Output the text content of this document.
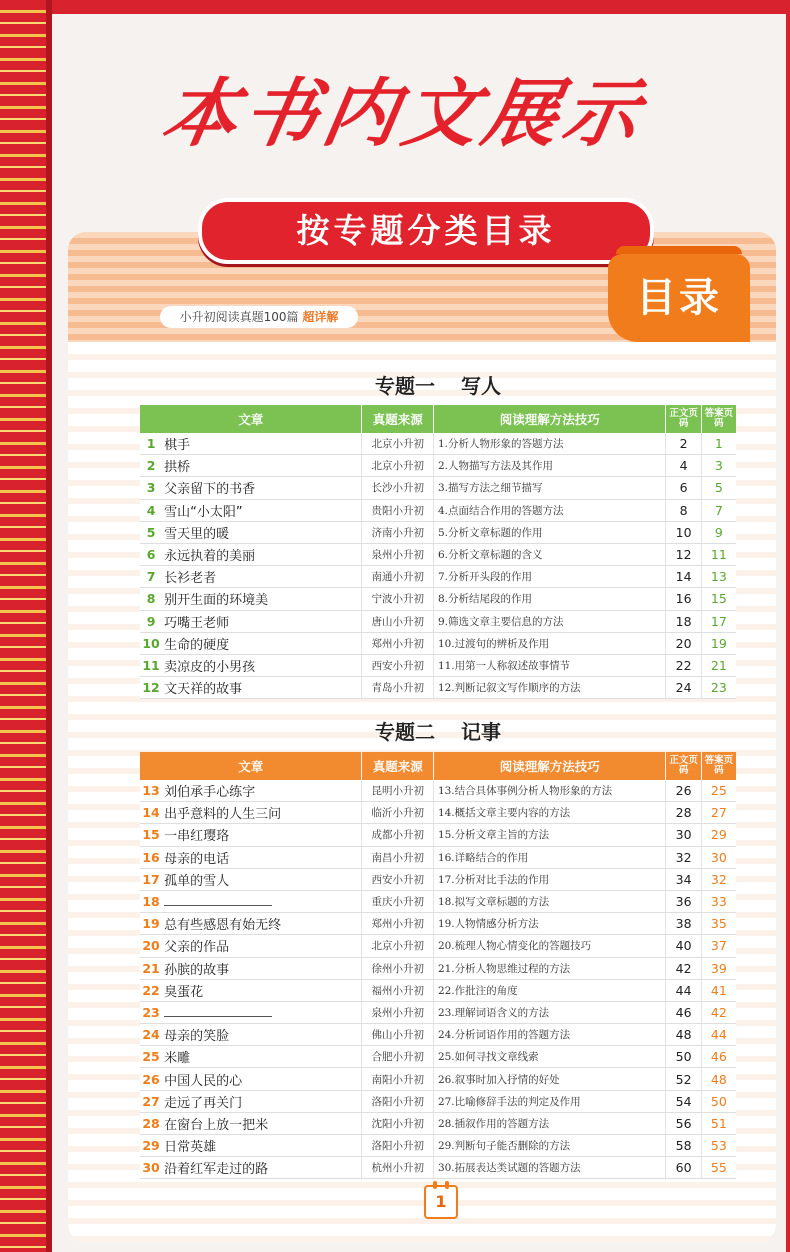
本书内文展示
按专题分类目录
小升初阅读真题100篇 超详解	目录
专题一 写人
文章		真题来源	阅读理解方法技巧	正文页码	答案页码
1	棋手	北京小升初	1.分析人物形象的答题方法	2	1
2	拱桥	北京小升初	2.人物描写方法及其作用	4	3
3	父亲留下的书香	长沙小升初	3.描写方法之细节描写	6	5
4	雪山“小太阳”	贵阳小升初	4.点面结合作用的答题方法	8	7
5	雪天里的暖	济南小升初	5.分析文章标题的作用	10	9
6	永远执着的美丽	泉州小升初	6.分析文章标题的含义	12	11
7	长衫老者	南通小升初	7.分析开头段的作用	14	13
8	别开生面的环境美	宁波小升初	8.分析结尾段的作用	16	15
9	巧嘴王老师	唐山小升初	9.筛选文章主要信息的方法	18	17
10	生命的硬度	郑州小升初	10.过渡句的辨析及作用	20	19
11	卖凉皮的小男孩	西安小升初	11.用第一人称叙述故事情节	22	21
12	文天祥的故事	青岛小升初	12.判断记叙文写作顺序的方法	24	23
专题二 记事
文章		真题来源	阅读理解方法技巧	正文页码	答案页码
13	刘伯承手心练字	昆明小升初	13.结合具体事例分析人物形象的方法	26	25
14	出乎意料的人生三问	临沂小升初	14.概括文章主要内容的方法	28	27
15	一串红璎珞	成都小升初	15.分析文章主旨的方法	30	29
16	母亲的电话	南昌小升初	16.详略结合的作用	32	30
17	孤单的雪人	西安小升初	17.分析对比手法的作用	34	32
18		重庆小升初	18.拟写文章标题的方法	36	33
19	总有些感恩有始无终	郑州小升初	19.人物情感分析方法	38	35
20	父亲的作品	北京小升初	20.梳理人物心情变化的答题技巧	40	37
21	孙膑的故事	徐州小升初	21.分析人物思维过程的方法	42	39
22	臭蛋花	福州小升初	22.作批注的角度	44	41
23		泉州小升初	23.理解词语含义的方法	46	42
24	母亲的笑脸	佛山小升初	24.分析词语作用的答题方法	48	44
25	米雕	合肥小升初	25.如何寻找文章线索	50	46
26	中国人民的心	南阳小升初	26.叙事时加入抒情的好处	52	48
27	走远了再关门	洛阳小升初	27.比喻修辞手法的判定及作用	54	50
28	在窗台上放一把米	沈阳小升初	28.插叙作用的答题方法	56	51
29	日常英雄	洛阳小升初	29.判断句子能否删除的方法	58	53
30	沿着红军走过的路	杭州小升初	30.拓展表达类试题的答题方法	60	55
1
